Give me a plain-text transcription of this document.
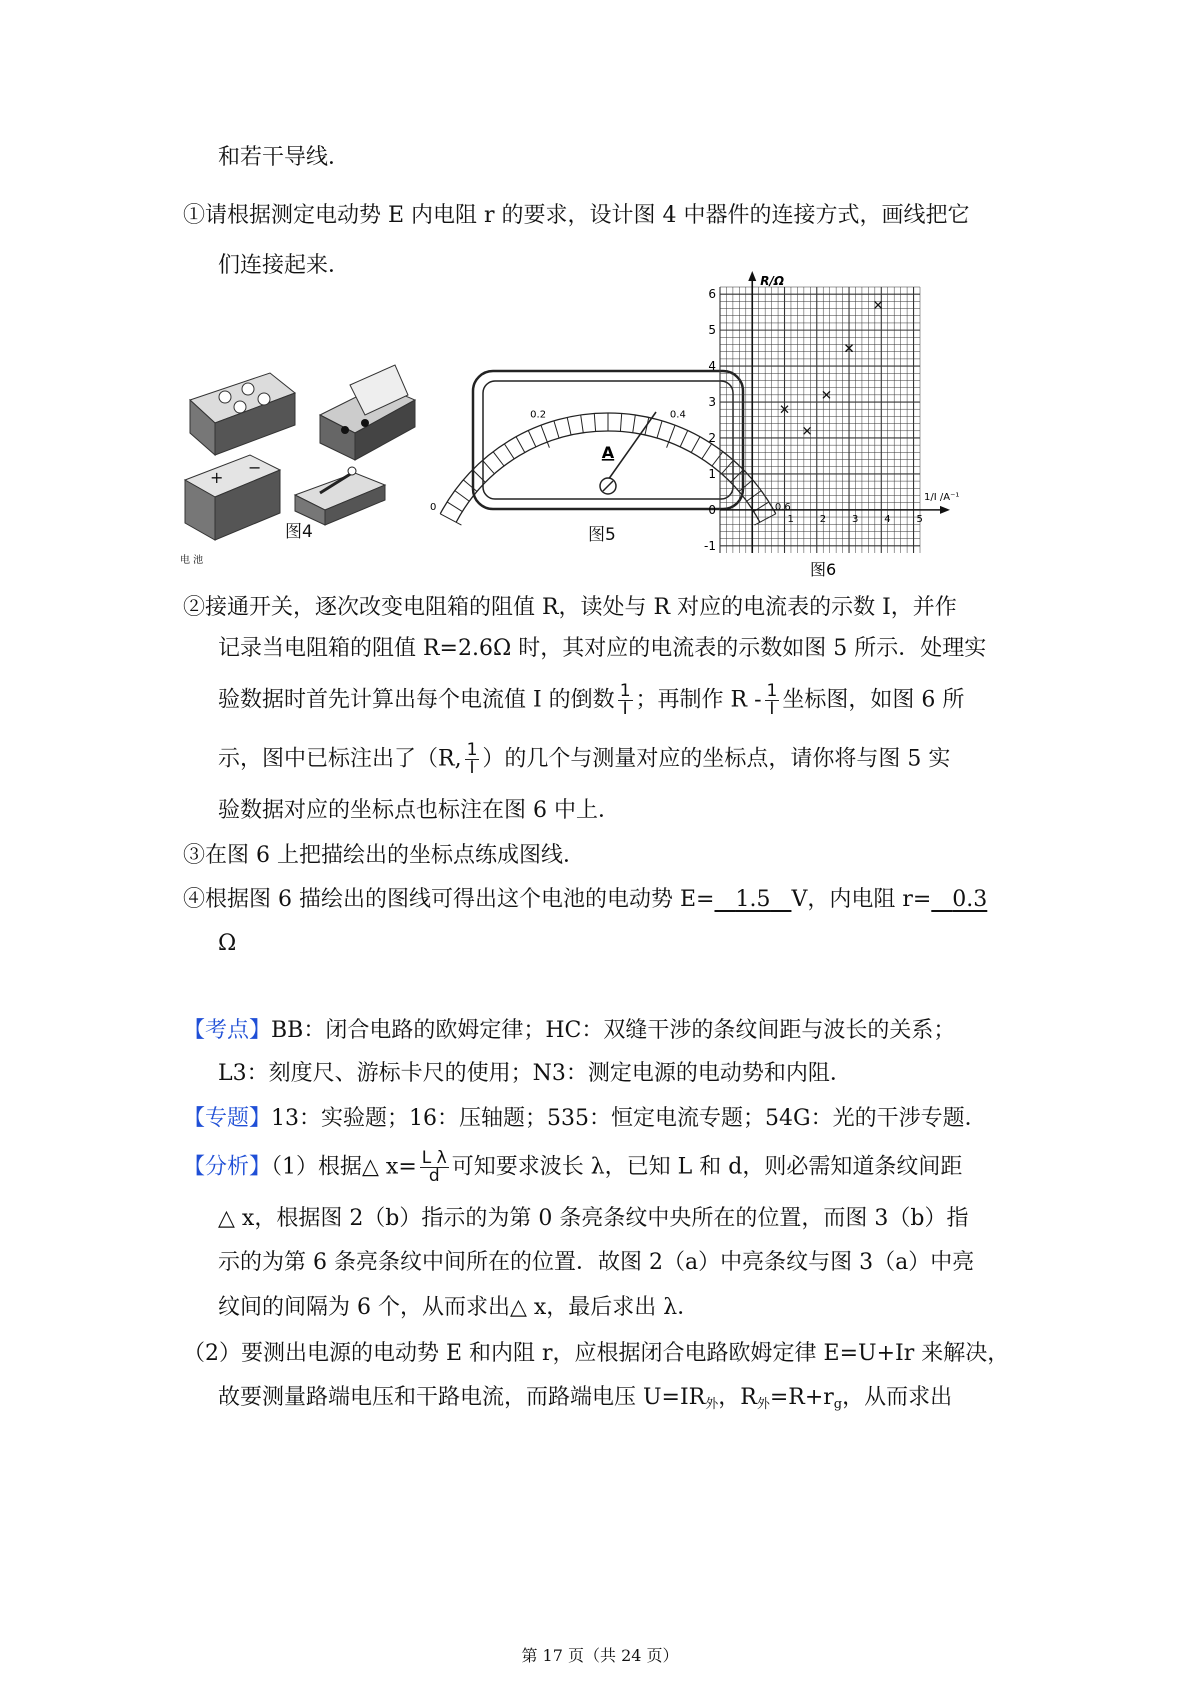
和若干导线．
①请根据测定电动势 E 内电阻 r 的要求，设计图 4 中器件的连接方式，画线把它
们连接起来．
+
−
电 池
图4
0
0.2	0.4
0.6
A
图5
R/Ω
1/I /A⁻¹
1	2	3	4	5
-1
0
1
2
3
4
5
6
图6
②接通开关，逐次改变电阻箱的阻值 R，读处与 R 对应的电流表的示数 I，并作
记录当电阻箱的阻值 R=2.6Ω 时，其对应的电流表的示数如图 5 所示．处理实
验数据时首先计算出每个电流值 I 的倒数 $\frac{1}{I}$ ；再制作 R - $\frac{1}{I}$ 坐标图，如图 6 所
示，图中已标注出了（R, $\frac{1}{I}$ ）的几个与测量对应的坐标点，请你将与图 5 实
验数据对应的坐标点也标注在图 6 中上．
③在图 6 上把描绘出的坐标点练成图线．
④根据图 6 描绘出的图线可得出这个电池的电动势 E= 1.5 V，内电阻 r= 0.3
Ω
【考点】BB：闭合电路的欧姆定律；HC：双缝干涉的条纹间距与波长的关系；
L3：刻度尺、游标卡尺的使用；N3：测定电源的电动势和内阻．
【专题】13：实验题；16：压轴题；535：恒定电流专题；54G：光的干涉专题．
【分析】（1）根据△ $x= \frac{\text{L λ}}{d}$ 可知要求波长 λ，已知 L 和 d，则必需知道条纹间距
△ x，根据图 2（b）指示的为第 0 条亮条纹中央所在的位置，而图 3（b）指
示的为第 6 条亮条纹中间所在的位置．故图 2（a）中亮条纹与图 3（a）中亮
纹间的间隔为 6 个，从而求出△ x，最后求出 λ．
（2）要测出电源的电动势 E 和内阻 r，应根据闭合电路欧姆定律 E=U+Ir 来解决，
故要测量路端电压和干路电流，而路端电压 U=IR外，R外=R+rg，从而求出
第 17 页（共 24 页）
